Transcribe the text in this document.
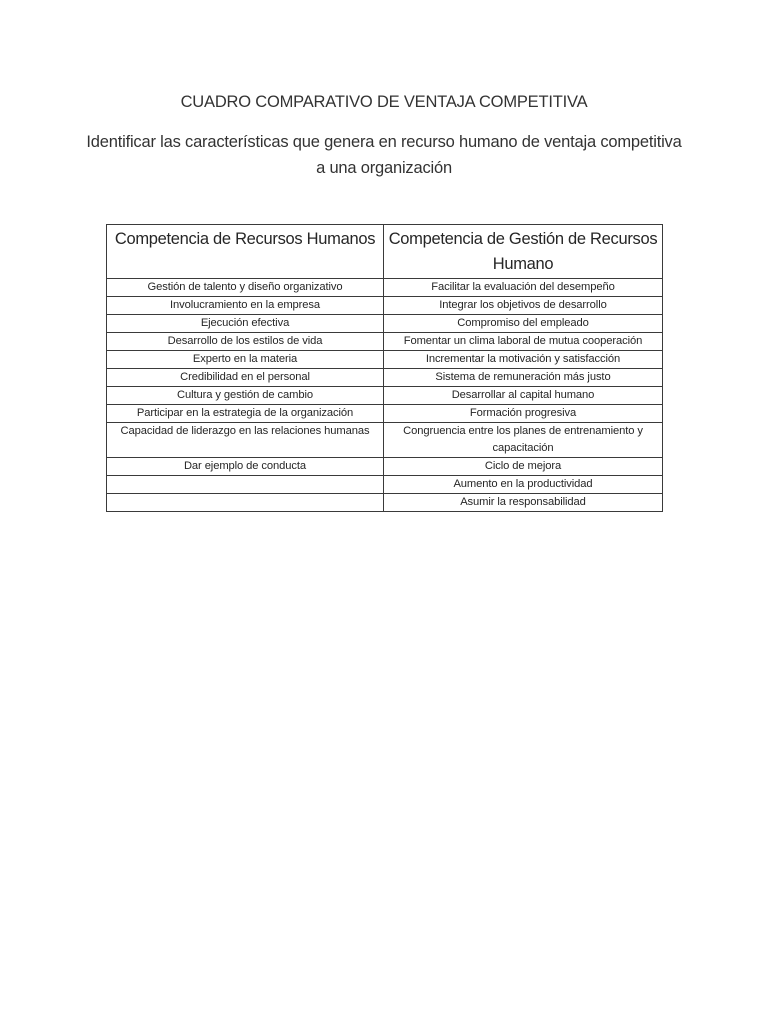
CUADRO COMPARATIVO DE VENTAJA COMPETITIVA
Identificar las características que genera en recurso humano de ventaja competitiva a una organización
Competencia de Recursos Humanos	Competencia de Gestión de Recursos Humano
Gestión de talento y diseño organizativo	Facilitar la evaluación del desempeño
Involucramiento en la empresa	Integrar los objetivos de desarrollo
Ejecución efectiva	Compromiso del empleado
Desarrollo de los estilos de vida	Fomentar un clima laboral de mutua cooperación
Experto en la materia	Incrementar la motivación y satisfacción
Credibilidad en el personal	Sistema de remuneración más justo
Cultura y gestión de cambio	Desarrollar al capital humano
Participar en la estrategia de la organización	Formación progresiva
Capacidad de liderazgo en las relaciones humanas	Congruencia entre los planes de entrenamiento y capacitación
Dar ejemplo de conducta	Ciclo de mejora
	Aumento en la productividad
	Asumir la responsabilidad
